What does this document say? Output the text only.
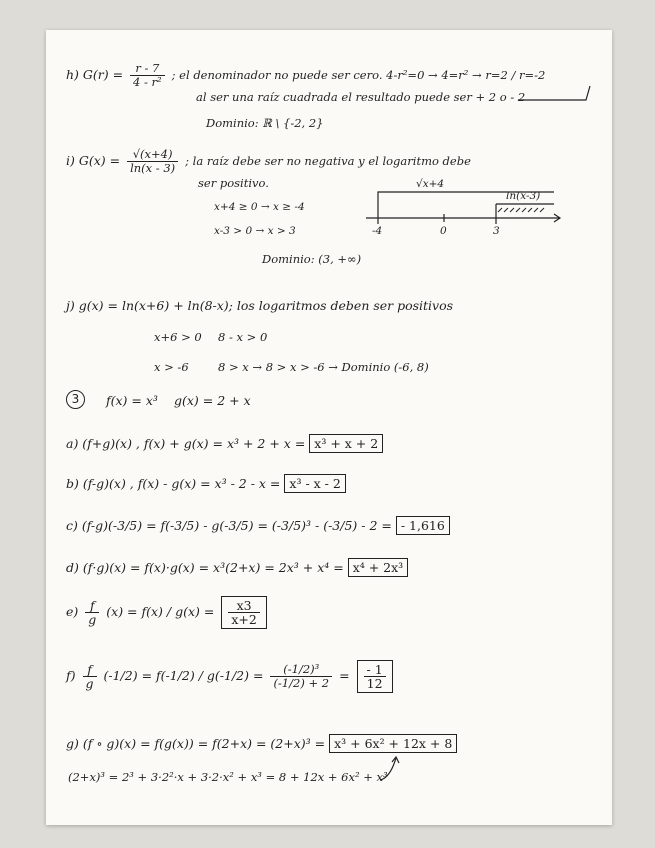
h) $G(r) = \frac{r - 7}{\text{4 - r²}}$ ; el denominador no puede ser cero. 4-r²=0 → 4=r² → r=2 / r=-2
al ser una raíz cuadrada el resultado puede ser + 2 o - 2
Dominio: ℝ \ {-2, 2}
i) $G(x) = \frac{√(x+4)}{\ln(x - 3)}$ ; la raíz debe ser no negativa y el logaritmo debe
ser positivo.
x+4 ≥ 0 → x ≥ -4
x-3 > 0 → x > 3
√x+4
ln(x-3)
-4	0	3
Dominio: (3, +∞)
j) g(x) = ln(x+6) + ln(8-x); los logaritmos deben ser positivos
x+6 > 0 8 - x > 0
x > -6	8 > x → 8 > x > -6 → Dominio (-6, 8)
3	f(x) = x³ g(x) = 2 + x
a) (f+g)(x) , f(x) + g(x) = x³ + 2 + x = x³ + x + 2
b) (f-g)(x) , f(x) - g(x) = x³ - 2 - x = x³ - x - 2
c) (f-g)(-3/5) = f(-3/5) - g(-3/5) = (-3/5)³ - (-3/5) - 2 = - 1,616
d) (f·g)(x) = f(x)·g(x) = x³(2+x) = 2x³ + x⁴ = x⁴ + 2x³
$e) \frac{f}{g} (x) = f(x) / g(x) = \frac{x3}{x+2}$
$f) \frac{f}{g} (-1/2) = f(-1/2) / g(-1/2) = \frac{\text{(-1/2)³}}{(-1/2) + 2} = \frac{- 1}{12}$
g) (f ∘ g)(x) = f(g(x)) = f(2+x) = (2+x)³ = x³ + 6x² + 12x + 8
(2+x)³ = 2³ + 3·2²·x + 3·2·x² + x³ = 8 + 12x + 6x² + x³
